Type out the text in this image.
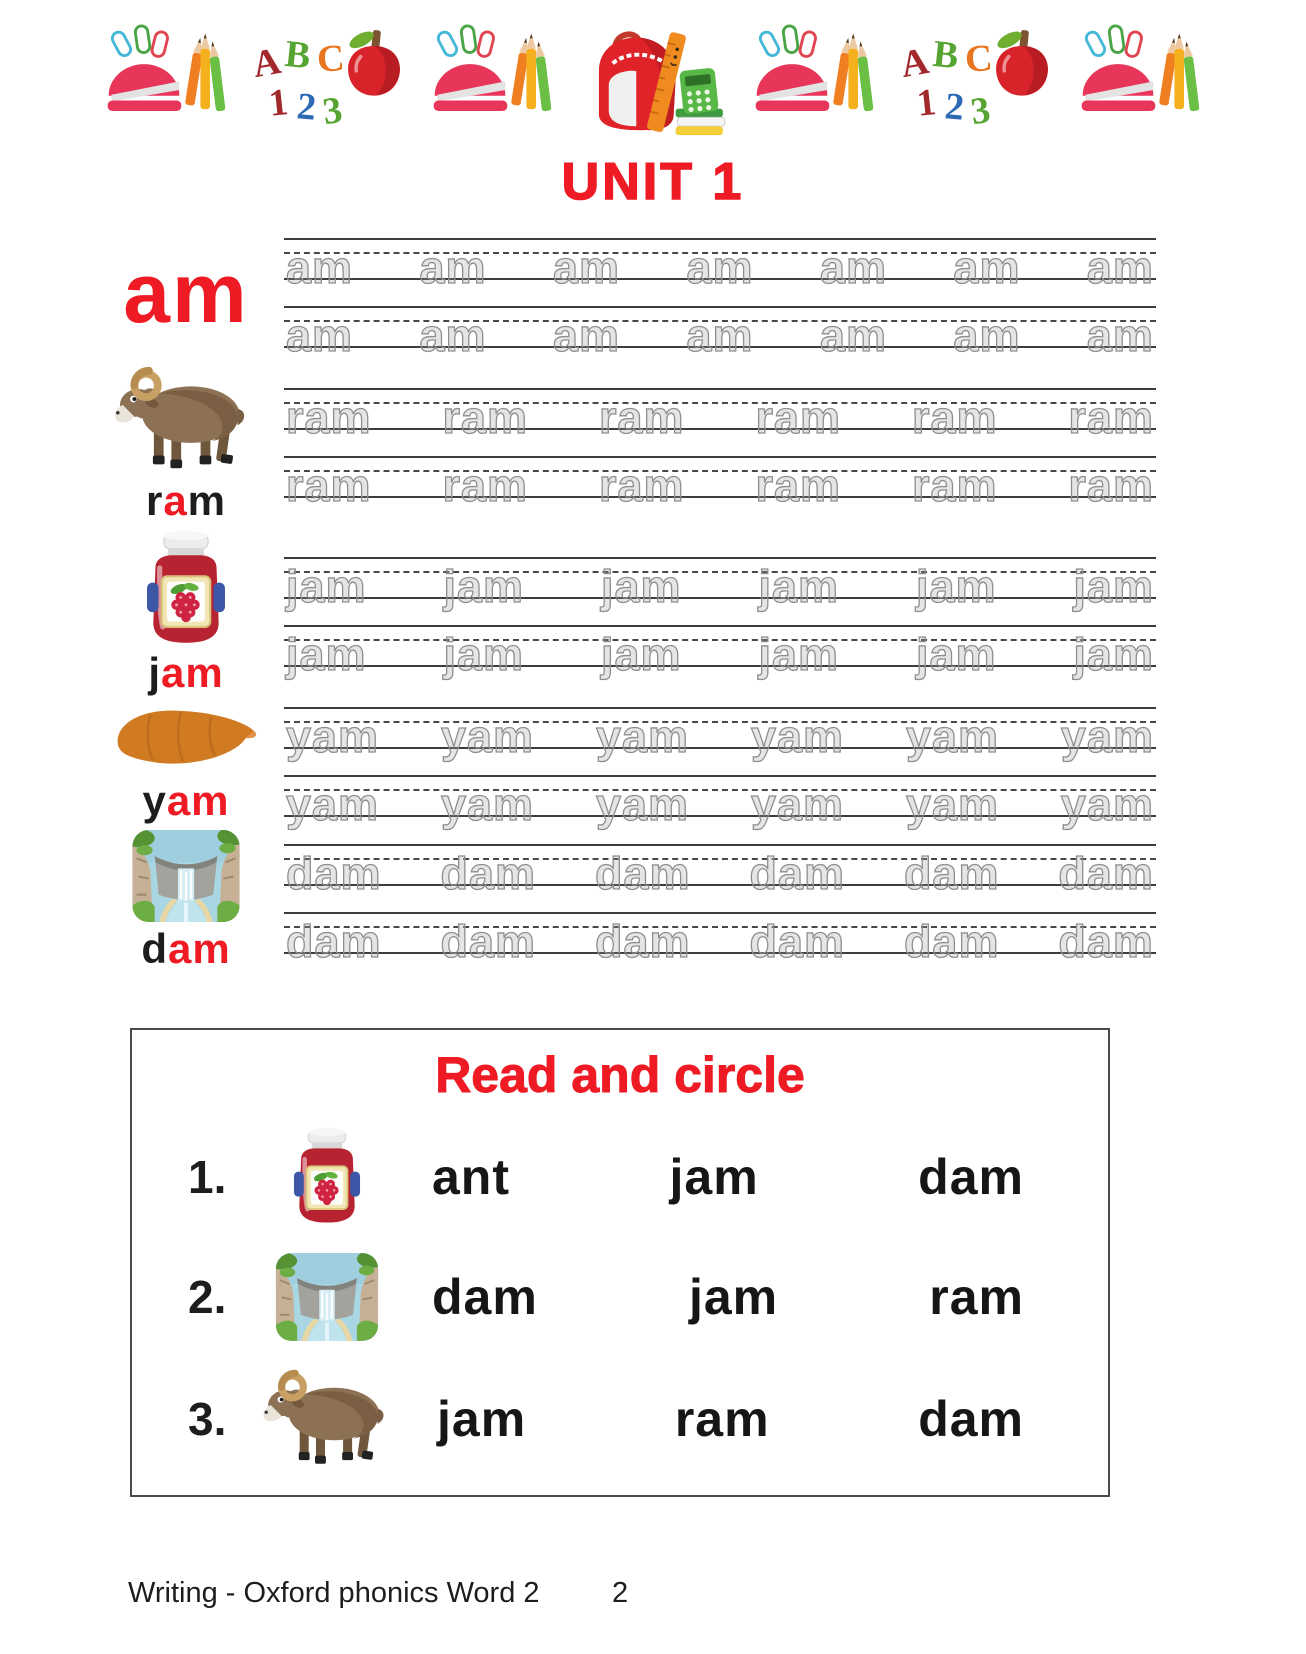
A
B C
1 2 3
A
B C
1 2 3
UNIT 1
am am am am am am am am
am am am am am am am
ram
ram ram ram ram ram ram
ram ram ram ram ram ram
jam
jam jam jam jam jam jam
jam jam jam jam jam jam
yam
yam yam yam yam yam yam
yam yam yam yam yam yam
dam
dam dam dam dam dam dam
dam dam dam dam dam dam
Read and circle
1.	ant	jam	dam
2.	dam	jam	ram
3.	jam	ram	dam
Writing - Oxford phonics Word 2 2
